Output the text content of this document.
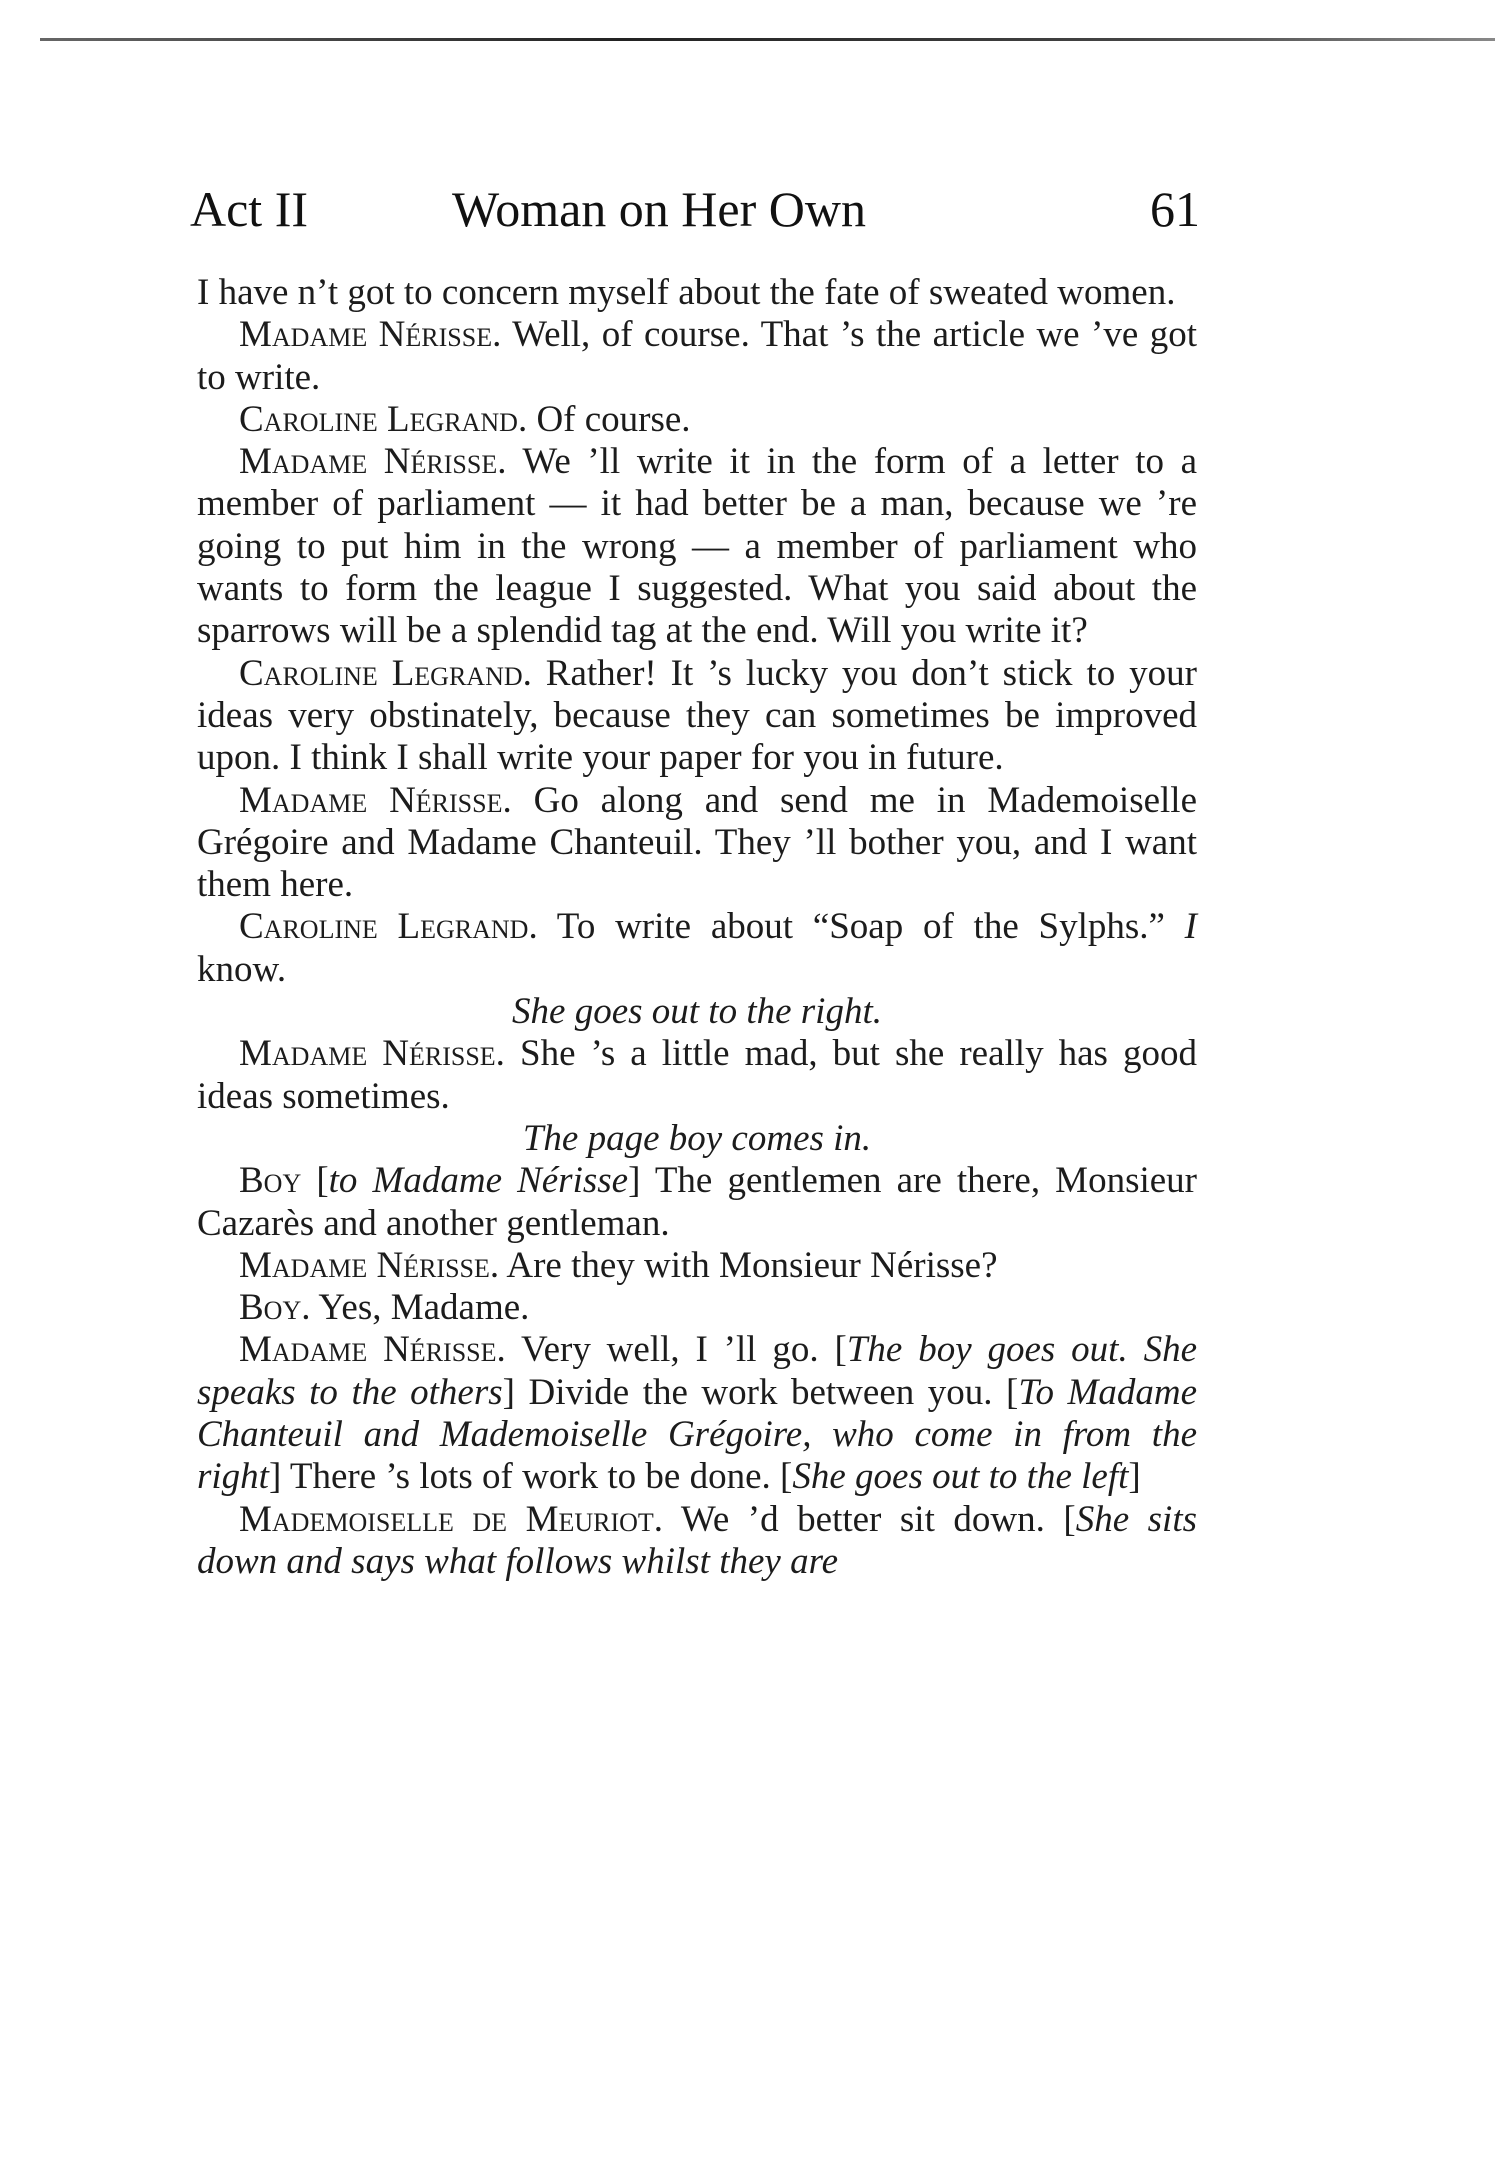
Act II	Woman on Her Own	61

I have n’t got to concern myself about the fate of sweated women.

Madame Nérisse. Well, of course. That ’s the article we ’ve got to write.

Caroline Legrand. Of course.

Madame Nérisse. We ’ll write it in the form of a letter to a member of parliament — it had better be a man, because we ’re going to put him in the wrong — a member of parliament who wants to form the league I suggested. What you said about the sparrows will be a splendid tag at the end. Will you write it?

Caroline Legrand. Rather! It ’s lucky you don’t stick to your ideas very obstinately, because they can sometimes be improved upon. I think I shall write your paper for you in future.

Madame Nérisse. Go along and send me in Mademoiselle Grégoire and Madame Chanteuil. They ’ll bother you, and I want them here.

Caroline Legrand. To write about “Soap of the Sylphs.” I know.

She goes out to the right.

Madame Nérisse. She ’s a little mad, but she really has good ideas sometimes.

The page boy comes in.

Boy [to Madame Nérisse] The gentlemen are there, Monsieur Cazarès and another gentleman.

Madame Nérisse. Are they with Monsieur Nérisse?

Boy. Yes, Madame.

Madame Nérisse. Very well, I ’ll go. [The boy goes out. She speaks to the others] Divide the work between you. [To Madame Chanteuil and Mademoiselle Grégoire, who come in from the right] There ’s lots of work to be done. [She goes out to the left]

Mademoiselle de Meuriot. We ’d better sit down. [She sits down and says what follows whilst they are
